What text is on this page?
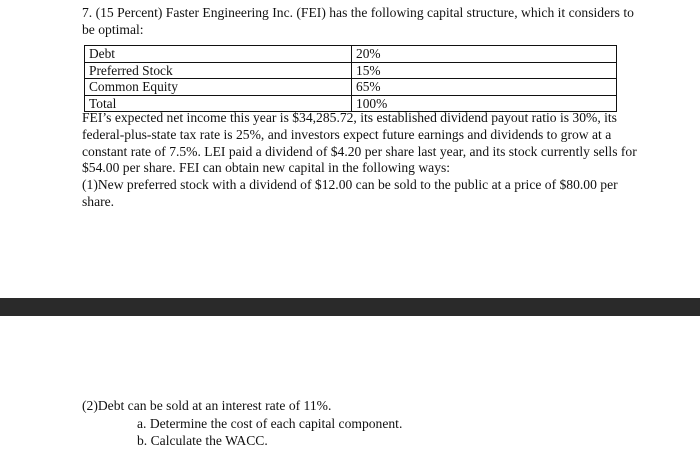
7. (15 Percent) Faster Engineering Inc. (FEI) has the following capital structure, which it considers to be optimal:

Debt	20%
Preferred Stock	15%
Common Equity	65%
Total	100%
FEI’s expected net income this year is $34,285.72, its established dividend payout ratio is 30%, its federal-plus-state tax rate is 25%, and investors expect future earnings and dividends to grow at a constant rate of 7.5%. LEI paid a dividend of $4.20 per share last year, and its stock currently sells for $54.00 per share. FEI can obtain new capital in the following ways:
(1)New preferred stock with a dividend of $12.00 can be sold to the public at a price of $80.00 per share.

(2)Debt can be sold at an interest rate of 11%.

a. Determine the cost of each capital component.
b. Calculate the WACC.
